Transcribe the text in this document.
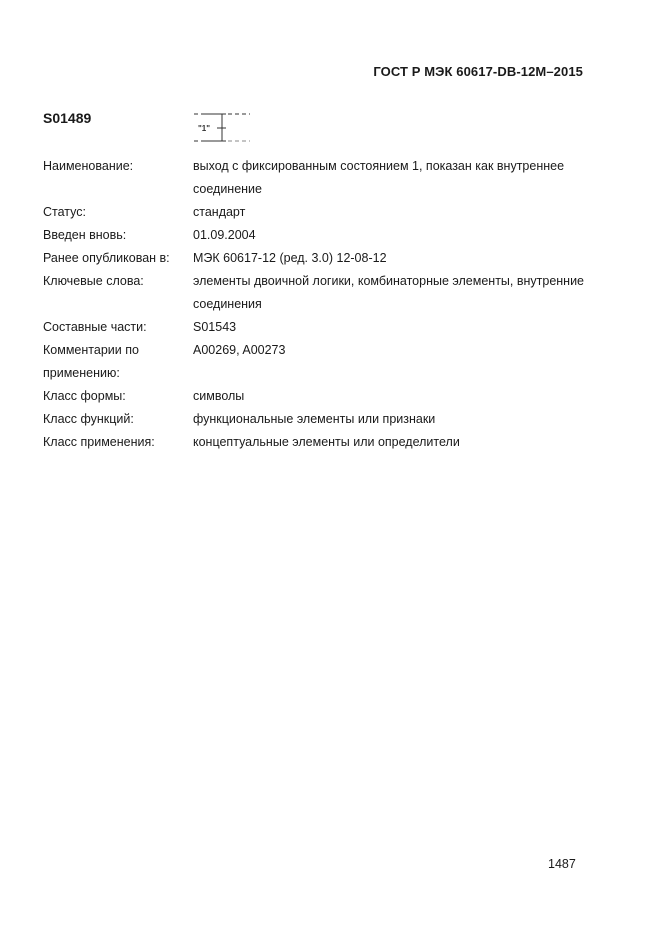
ГОСТ Р МЭК 60617-DB-12M–2015
S01489
"1"
Наименование:	выход с фиксированным состоянием 1, показан как внутреннее соединение
Статус:	стандарт
Введен вновь:	01.09.2004
Ранее опубликован в:	МЭК 60617-12 (ред. 3.0) 12-08-12
Ключевые слова:	элементы двоичной логики, комбинаторные элементы, внутренние соединения
Составные части:	S01543
Комментарии по применению:
A00269, A00273
Класс формы:	символы
Класс функций:	функциональные элементы или признаки
Класс применения:	концептуальные элементы или определители
1487
